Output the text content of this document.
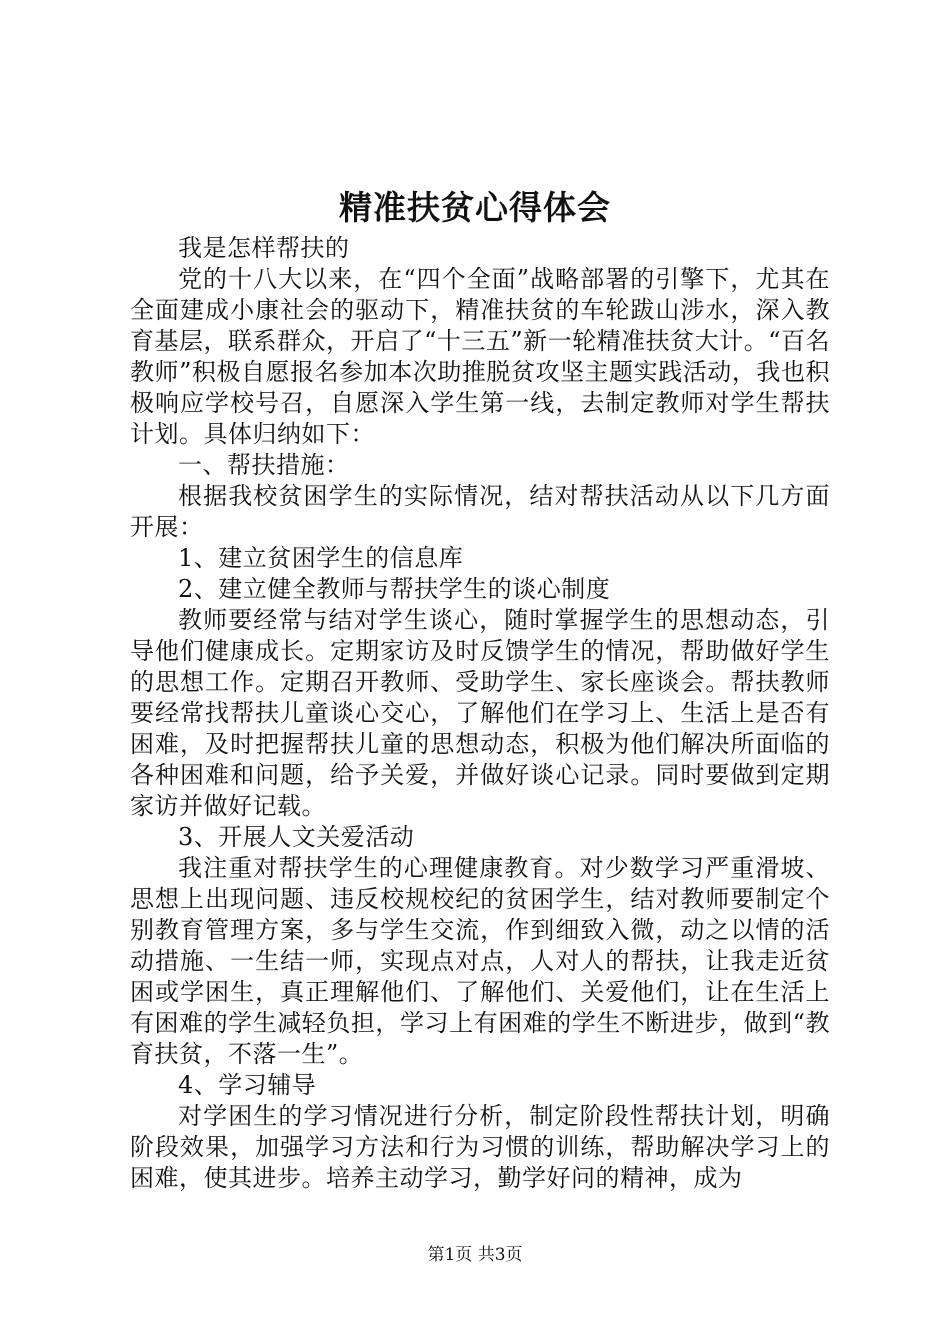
精准扶贫心得体会

我是怎样帮扶的

党的十八大以来，在“四个全面”战略部署的引擎下，尤其在全面建成小康社会的驱动下，精准扶贫的车轮跋山涉水，深入教育基层，联系群众，开启了“十三五”新一轮精准扶贫大计。“百名教师”积极自愿报名参加本次助推脱贫攻坚主题实践活动，我也积极响应学校号召，自愿深入学生第一线，去制定教师对学生帮扶计划。具体归纳如下：

一、帮扶措施：

根据我校贫困学生的实际情况，结对帮扶活动从以下几方面开展：

1、建立贫困学生的信息库

2、建立健全教师与帮扶学生的谈心制度

教师要经常与结对学生谈心，随时掌握学生的思想动态，引导他们健康成长。定期家访及时反馈学生的情况，帮助做好学生的思想工作。定期召开教师、受助学生、家长座谈会。帮扶教师要经常找帮扶儿童谈心交心，了解他们在学习上、生活上是否有困难，及时把握帮扶儿童的思想动态，积极为他们解决所面临的各种困难和问题，给予关爱，并做好谈心记录。同时要做到定期家访并做好记载。

3、开展人文关爱活动

我注重对帮扶学生的心理健康教育。对少数学习严重滑坡、思想上出现问题、违反校规校纪的贫困学生，结对教师要制定个别教育管理方案，多与学生交流，作到细致入微，动之以情的活动措施、一生结一师，实现点对点，人对人的帮扶，让我走近贫困或学困生，真正理解他们、了解他们、关爱他们，让在生活上有困难的学生减轻负担，学习上有困难的学生不断进步，做到“教育扶贫，不落一生”。

4、学习辅导

对学困生的学习情况进行分析，制定阶段性帮扶计划，明确阶段效果，加强学习方法和行为习惯的训练，帮助解决学习上的困难，使其进步。培养主动学习，勤学好问的精神，成为

第1页 共3页
